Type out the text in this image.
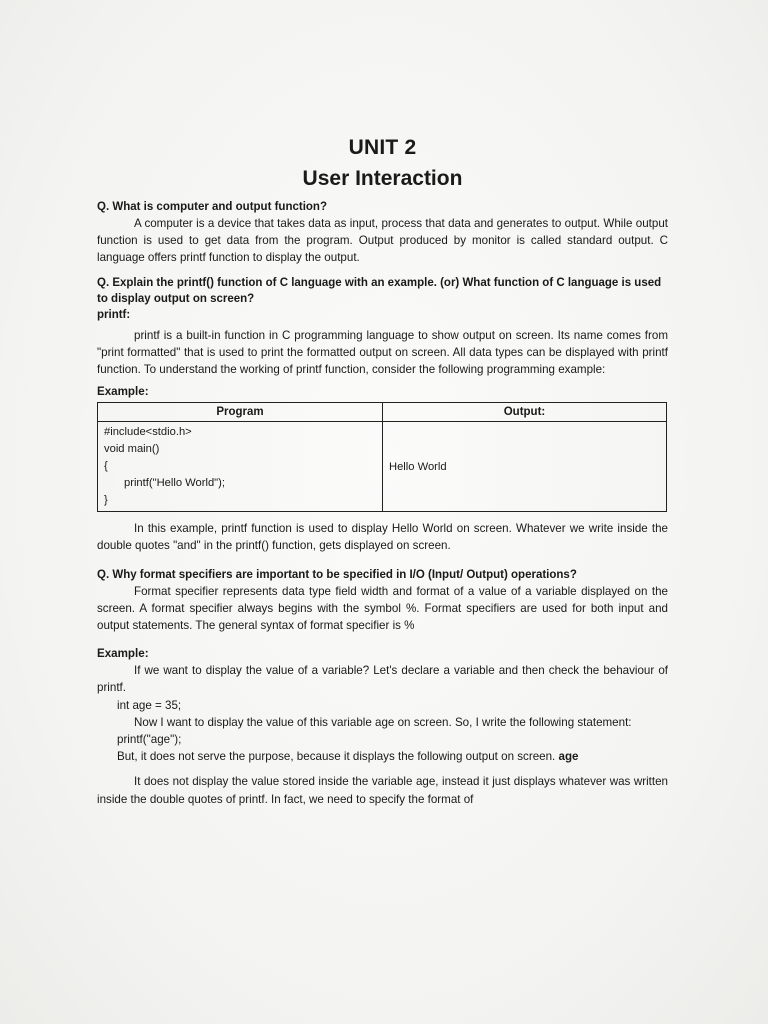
UNIT 2
User Interaction
Q. What is computer and output function?

A computer is a device that takes data as input, process that data and generates to output. While output function is used to get data from the program. Output produced by monitor is called standard output. C language offers printf function to display the output.

Q. Explain the printf() function of C language with an example. (or) What function of C language is used to display output on screen?
printf:

printf is a built-in function in C programming language to show output on screen. Its name comes from "print formatted" that is used to print the formatted output on screen. All data types can be displayed with printf function. To understand the working of printf function, consider the following programming example:

Example:
Program	Output:

#include<stdio.h>
void main()
{
printf("Hello World");
}	Hello World

In this example, printf function is used to display Hello World on screen. Whatever we write inside the double quotes "and" in the printf() function, gets displayed on screen.

Q. Why format specifiers are important to be specified in I/O (Input/ Output) operations?

Format specifier represents data type field width and format of a value of a variable displayed on the screen. A format specifier always begins with the symbol %. Format specifiers are used for both input and output statements. The general syntax of format specifier is %

Example:

If we want to display the value of a variable? Let's declare a variable and then check the behaviour of printf.

int age = 35;

Now I want to display the value of this variable age on screen. So, I write the following statement:

printf("age");

But, it does not serve the purpose, because it displays the following output on screen. age

It does not display the value stored inside the variable age, instead it just displays whatever was written inside the double quotes of printf. In fact, we need to specify the format of
